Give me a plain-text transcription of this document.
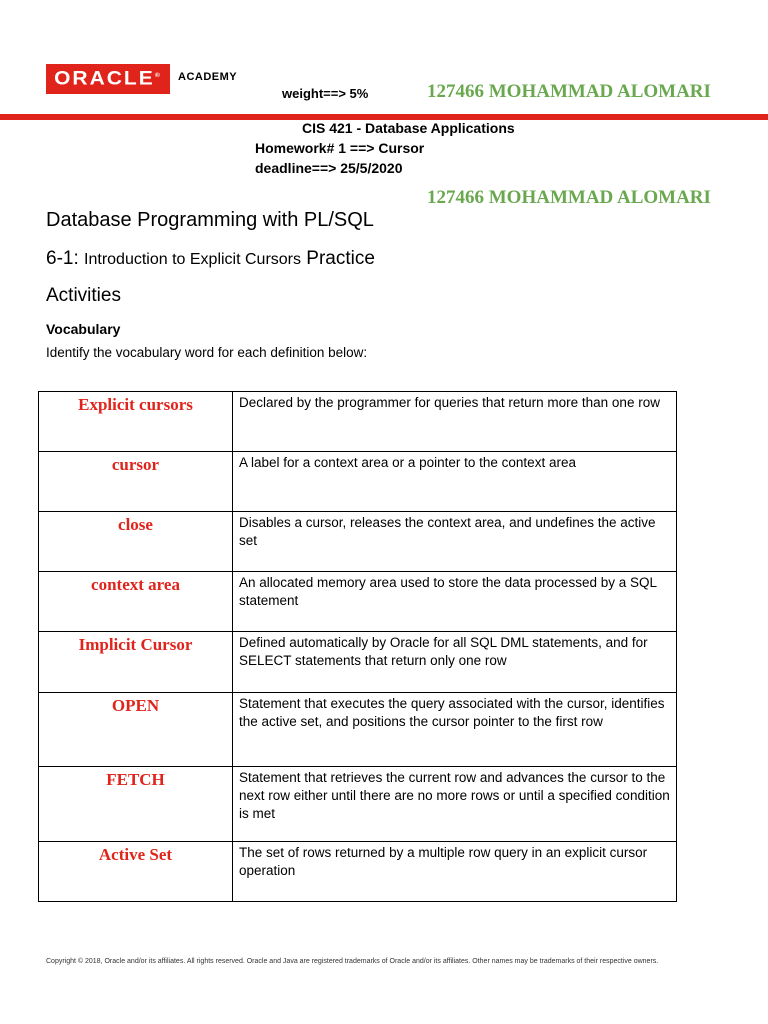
ORACLE® ACADEMY
weight==> 5%	127466 MOHAMMAD ALOMARI
CIS 421 - Database Applications
Homework# 1 ==> Cursor
deadline==> 25/5/2020
127466 MOHAMMAD ALOMARI
Database Programming with PL/SQL
6-1: Introduction to Explicit Cursors Practice
Activities
Vocabulary
Identify the vocabulary word for each definition below:
Explicit cursors	Declared by the programmer for queries that return more than one row
cursor	A label for a context area or a pointer to the context area
close	Disables a cursor, releases the context area, and undefines the active set
context area	An allocated memory area used to store the data processed by a SQL statement
Implicit Cursor	Defined automatically by Oracle for all SQL DML statements, and for SELECT statements that return only one row
OPEN	Statement that executes the query associated with the cursor, identifies the active set, and positions the cursor pointer to the first row
FETCH	Statement that retrieves the current row and advances the cursor to the next row either until there are no more rows or until a specified condition is met
Active Set	The set of rows returned by a multiple row query in an explicit cursor operation
Copyright © 2018, Oracle and/or its affiliates. All rights reserved. Oracle and Java are registered trademarks of Oracle and/or its affiliates. Other names may be trademarks of their respective owners.
